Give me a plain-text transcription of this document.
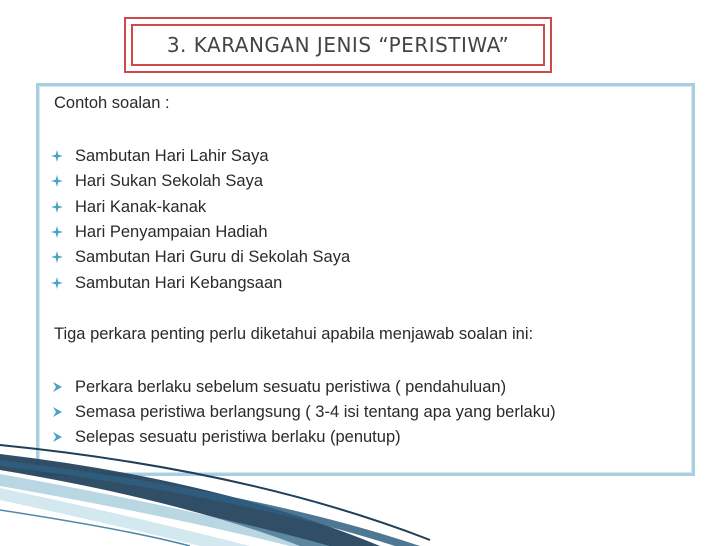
3. KARANGAN JENIS “PERISTIWA”
Contoh soalan :
Sambutan Hari Lahir Saya
Hari Sukan Sekolah Saya
Hari Kanak-kanak
Hari Penyampaian Hadiah
Sambutan Hari Guru di Sekolah Saya
Sambutan Hari Kebangsaan
Tiga perkara penting perlu diketahui apabila menjawab soalan ini:
Perkara berlaku sebelum sesuatu peristiwa ( pendahuluan)
Semasa peristiwa berlangsung ( 3-4 isi tentang apa yang berlaku)
Selepas sesuatu peristiwa berlaku (penutup)
